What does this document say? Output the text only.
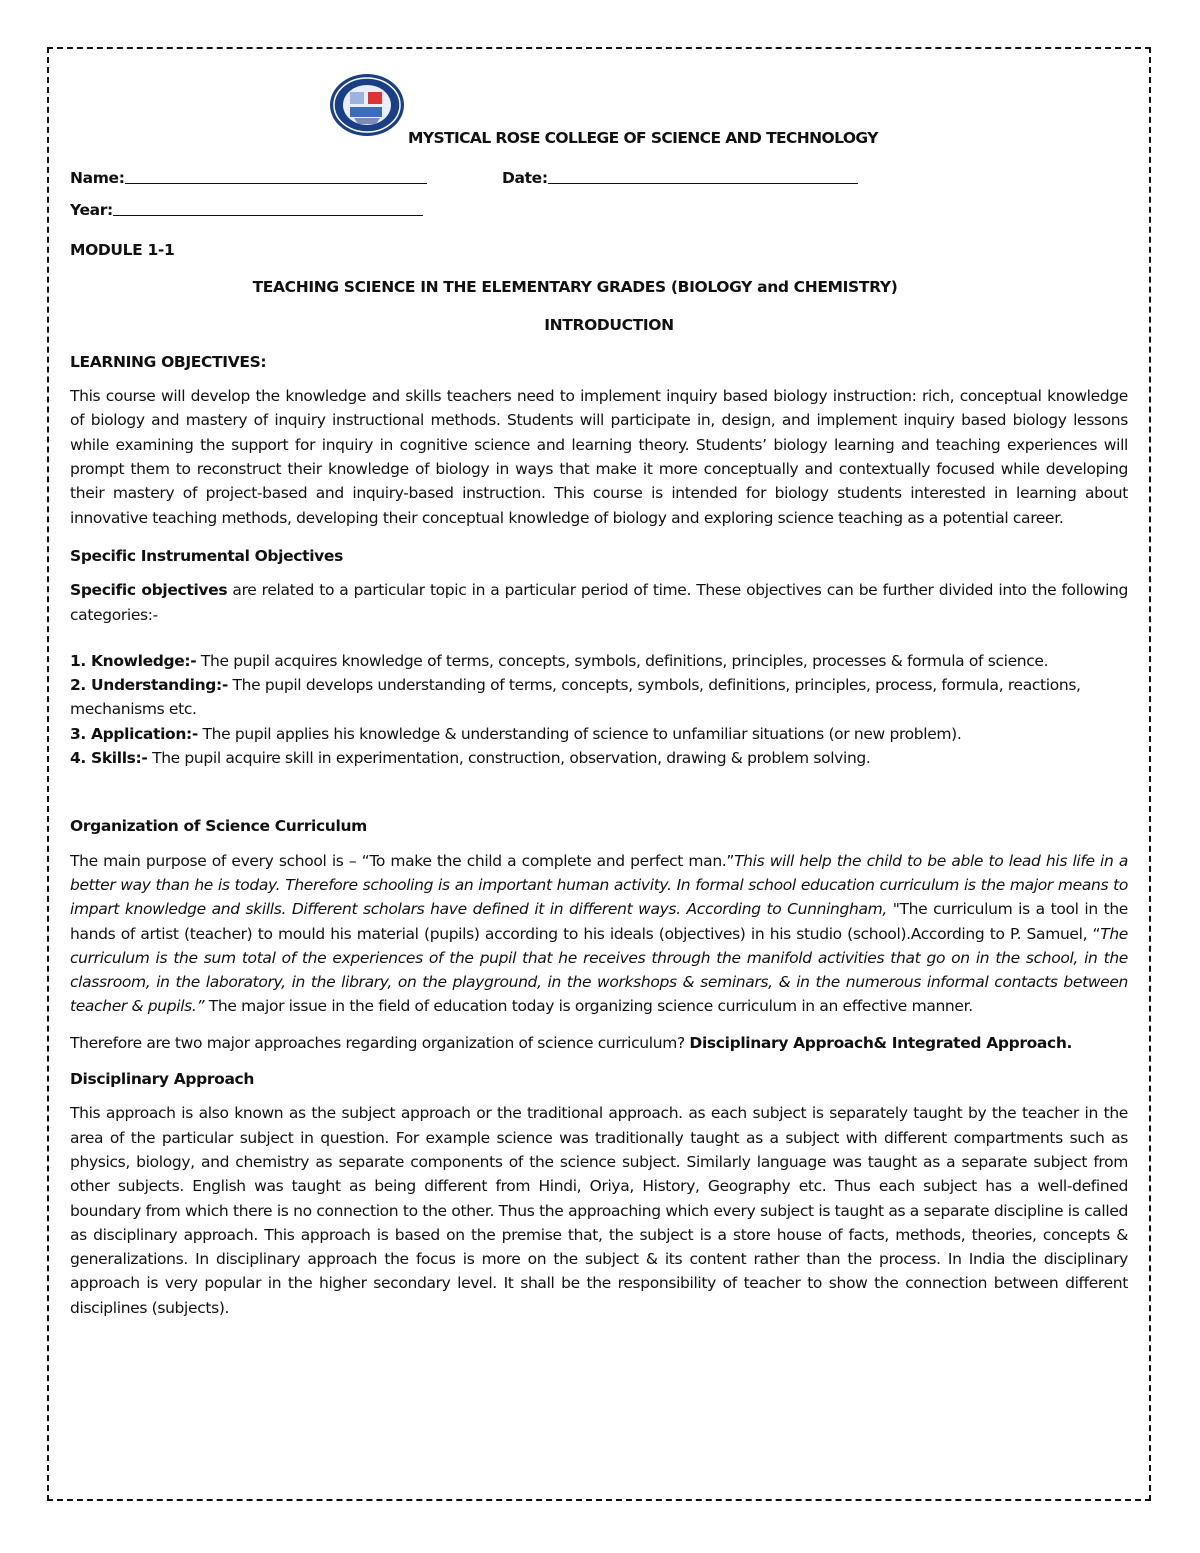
MYSTICAL ROSE COLLEGE OF SCIENCE AND TECHNOLOGY
Name:	Date:
Year:
MODULE 1-1
TEACHING SCIENCE IN THE ELEMENTARY GRADES (BIOLOGY and CHEMISTRY)
INTRODUCTION
LEARNING OBJECTIVES:

This course will develop the knowledge and skills teachers need to implement inquiry based biology instruction: rich, conceptual knowledge of biology and mastery of inquiry instructional methods. Students will participate in, design, and implement inquiry based biology lessons while examining the support for inquiry in cognitive science and learning theory. Students’ biology learning and teaching experiences will prompt them to reconstruct their knowledge of biology in ways that make it more conceptually and contextually focused while developing their mastery of project-based and inquiry-based instruction. This course is intended for biology students interested in learning about innovative teaching methods, developing their conceptual knowledge of biology and exploring science teaching as a potential career.

Specific Instrumental Objectives

Specific objectives are related to a particular topic in a particular period of time. These objectives can be further divided into the following categories:-

1. Knowledge:- The pupil acquires knowledge of terms, concepts, symbols, definitions, principles, processes & formula of science.

2. Understanding:- The pupil develops understanding of terms, concepts, symbols, definitions, principles, process, formula, reactions, mechanisms etc.

3. Application:- The pupil applies his knowledge & understanding of science to unfamiliar situations (or new problem).

4. Skills:- The pupil acquire skill in experimentation, construction, observation, drawing & problem solving.

Organization of Science Curriculum

The main purpose of every school is – “To make the child a complete and perfect man.”This will help the child to be able to lead his life in a better way than he is today. Therefore schooling is an important human activity. In formal school education curriculum is the major means to impart knowledge and skills. Different scholars have defined it in different ways. According to Cunningham, "The curriculum is a tool in the hands of artist (teacher) to mould his material (pupils) according to his ideals (objectives) in his studio (school).According to P. Samuel, “The curriculum is the sum total of the experiences of the pupil that he receives through the manifold activities that go on in the school, in the classroom, in the laboratory, in the library, on the playground, in the workshops & seminars, & in the numerous informal contacts between teacher & pupils.” The major issue in the field of education today is organizing science curriculum in an effective manner.

Therefore are two major approaches regarding organization of science curriculum? Disciplinary Approach& Integrated Approach.

Disciplinary Approach

This approach is also known as the subject approach or the traditional approach. as each subject is separately taught by the teacher in the area of the particular subject in question. For example science was traditionally taught as a subject with different compartments such as physics, biology, and chemistry as separate components of the science subject. Similarly language was taught as a separate subject from other subjects. English was taught as being different from Hindi, Oriya, History, Geography etc. Thus each subject has a well-defined boundary from which there is no connection to the other. Thus the approaching which every subject is taught as a separate discipline is called as disciplinary approach. This approach is based on the premise that, the subject is a store house of facts, methods, theories, concepts & generalizations. In disciplinary approach the focus is more on the subject & its content rather than the process. In India the disciplinary approach is very popular in the higher secondary level. It shall be the responsibility of teacher to show the connection between different disciplines (subjects).
